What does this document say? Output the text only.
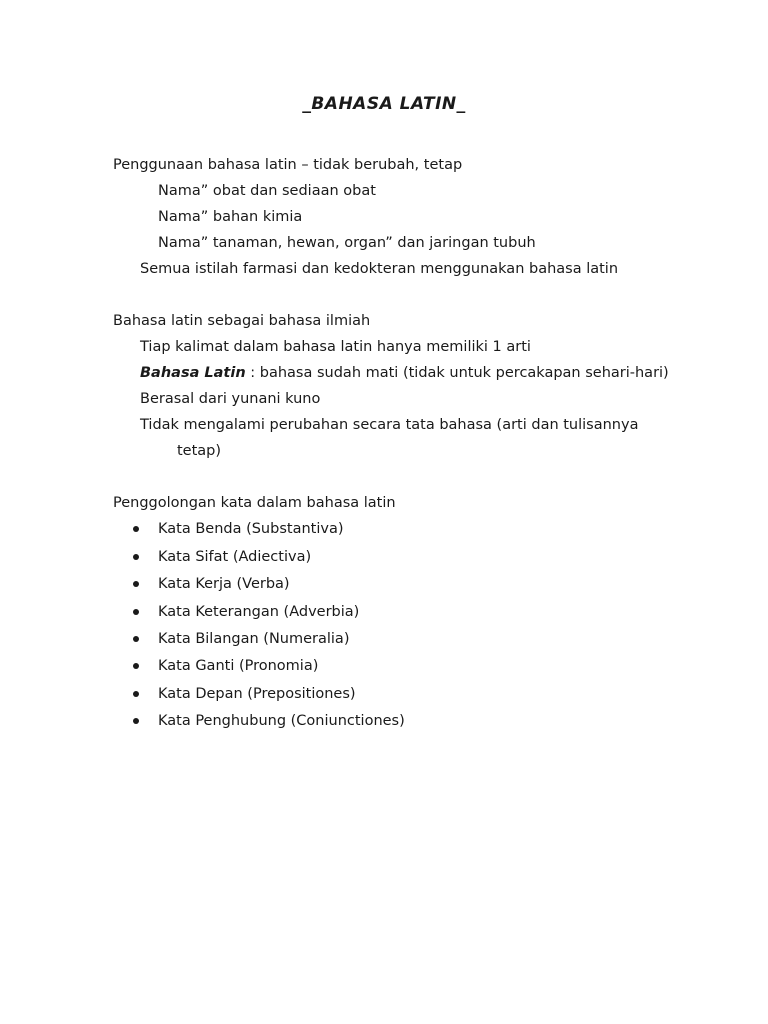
_BAHASA LATIN_
Penggunaan bahasa latin – tidak berubah, tetap
Nama” obat dan sediaan obat
Nama” bahan kimia
Nama” tanaman, hewan, organ” dan jaringan tubuh
Semua istilah farmasi dan kedokteran menggunakan bahasa latin
Bahasa latin sebagai bahasa ilmiah
Tiap kalimat dalam bahasa latin hanya memiliki 1 arti
Bahasa Latin : bahasa sudah mati (tidak untuk percakapan sehari-hari)
Berasal dari yunani kuno
Tidak mengalami perubahan secara tata bahasa (arti dan tulisannya
tetap)
Penggolongan kata dalam bahasa latin
Kata Benda (Substantiva)
Kata Sifat (Adiectiva)
Kata Kerja (Verba)
Kata Keterangan (Adverbia)
Kata Bilangan (Numeralia)
Kata Ganti (Pronomia)
Kata Depan (Prepositiones)
Kata Penghubung (Coniunctiones)
